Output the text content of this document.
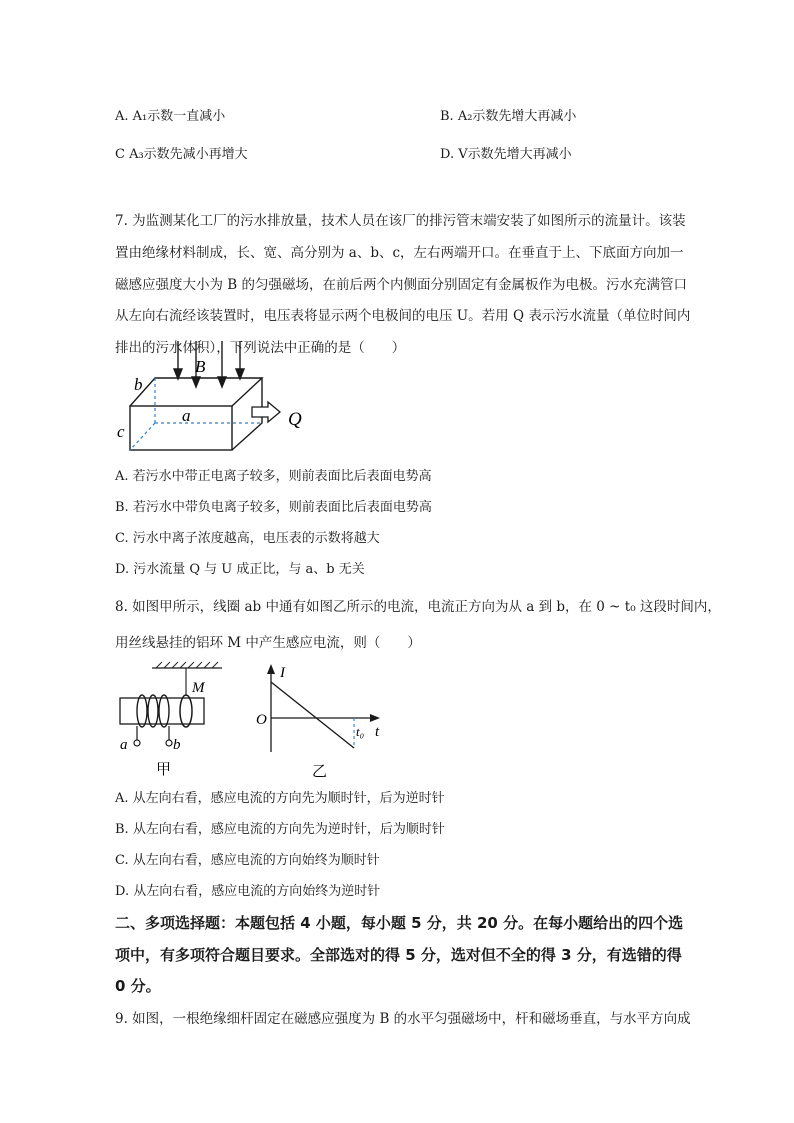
A. A₁示数一直减小	B. A₂示数先增大再减小
C A₃示数先减小再增大	D. V示数先增大再减小
7. 为监测某化工厂的污水排放量，技术人员在该厂的排污管末端安装了如图所示的流量计。该装
置由绝缘材料制成，长、宽、高分别为 a、b、c，左右两端开口。在垂直于上、下底面方向加一
磁感应强度大小为 B 的匀强磁场，在前后两个内侧面分别固定有金属板作为电极。污水充满管口
从左向右流经该装置时，电压表将显示两个电极间的电压 U。若用 Q 表示污水流量（单位时间内
排出的污水体积），下列说法中正确的是（　　）
b
B
a
c
Q
A. 若污水中带正电离子较多，则前表面比后表面电势高
B. 若污水中带负电离子较多，则前表面比后表面电势高
C. 污水中离子浓度越高，电压表的示数将越大
D. 污水流量 Q 与 U 成正比，与 a、b 无关
8. 如图甲所示，线圈 ab 中通有如图乙所示的电流，电流正方向为从 a 到 b，在 0 ~ t₀ 这段时间内，
用丝线悬挂的铝环 M 中产生感应电流，则（　　）
M
a	b
甲
I
O
t₀ t
乙
A. 从左向右看，感应电流的方向先为顺时针，后为逆时针
B. 从左向右看，感应电流的方向先为逆时针，后为顺时针
C. 从左向右看，感应电流的方向始终为顺时针
D. 从左向右看，感应电流的方向始终为逆时针
二、多项选择题：本题包括 4 小题，每小题 5 分，共 20 分。在每小题给出的四个选
项中，有多项符合题目要求。全部选对的得 5 分，选对但不全的得 3 分，有选错的得
0 分。
9. 如图，一根绝缘细杆固定在磁感应强度为 B 的水平匀强磁场中，杆和磁场垂直，与水平方向成
